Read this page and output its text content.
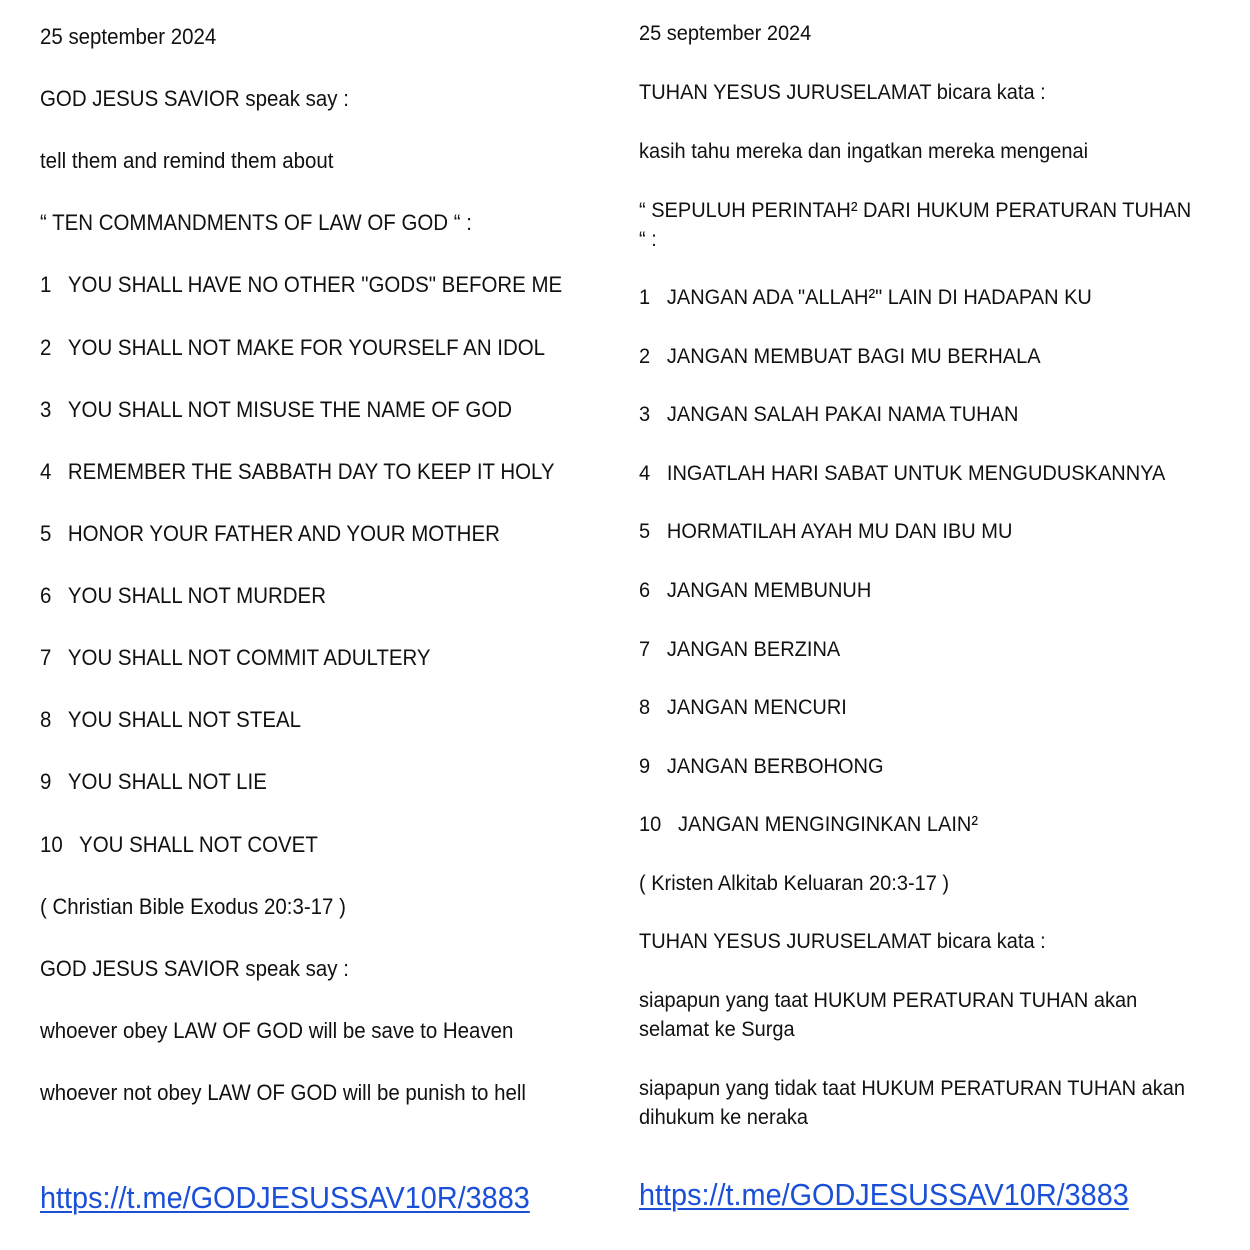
25 september 2024
GOD JESUS SAVIOR speak say :
tell them and remind them about
“ TEN COMMANDMENTS OF LAW OF GOD “ :
1 YOU SHALL HAVE NO OTHER "GODS" BEFORE ME
2 YOU SHALL NOT MAKE FOR YOURSELF AN IDOL
3 YOU SHALL NOT MISUSE THE NAME OF GOD
4 REMEMBER THE SABBATH DAY TO KEEP IT HOLY
5 HONOR YOUR FATHER AND YOUR MOTHER
6 YOU SHALL NOT MURDER
7 YOU SHALL NOT COMMIT ADULTERY
8 YOU SHALL NOT STEAL
9 YOU SHALL NOT LIE
10 YOU SHALL NOT COVET
( Christian Bible Exodus 20:3-17 )
GOD JESUS SAVIOR speak say :
whoever obey LAW OF GOD will be save to Heaven
whoever not obey LAW OF GOD will be punish to hell
https://t.me/GODJESUSSAV10R/3883
25 september 2024
TUHAN YESUS JURUSELAMAT bicara kata :
kasih tahu mereka dan ingatkan mereka mengenai
“ SEPULUH PERINTAH² DARI HUKUM PERATURAN TUHAN
“ :
1 JANGAN ADA "ALLAH²" LAIN DI HADAPAN KU
2 JANGAN MEMBUAT BAGI MU BERHALA
3 JANGAN SALAH PAKAI NAMA TUHAN
4 INGATLAH HARI SABAT UNTUK MENGUDUSKANNYA
5 HORMATILAH AYAH MU DAN IBU MU
6 JANGAN MEMBUNUH
7 JANGAN BERZINA
8 JANGAN MENCURI
9 JANGAN BERBOHONG
10 JANGAN MENGINGINKAN LAIN²
( Kristen Alkitab Keluaran 20:3-17 )
TUHAN YESUS JURUSELAMAT bicara kata :
siapapun yang taat HUKUM PERATURAN TUHAN akan
selamat ke Surga
siapapun yang tidak taat HUKUM PERATURAN TUHAN akan
dihukum ke neraka
https://t.me/GODJESUSSAV10R/3883
